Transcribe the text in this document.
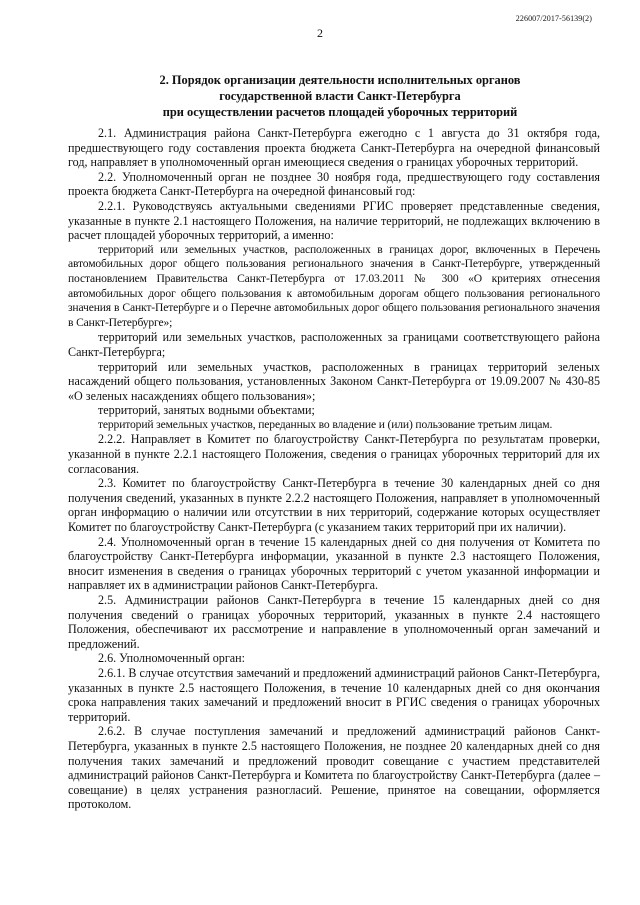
226007/2017-56139(2)
2
2. Порядок организации деятельности исполнительных органов
государственной власти Санкт-Петербурга
при осуществлении расчетов площадей уборочных территорий

2.1. Администрация района Санкт-Петербурга ежегодно с 1 августа до 31 октября года, предшествующего году составления проекта бюджета Санкт-Петербурга на очередной финансовый год, направляет в уполномоченный орган имеющиеся сведения о границах уборочных территорий.

2.2. Уполномоченный орган не позднее 30 ноября года, предшествующего году составления проекта бюджета Санкт-Петербурга на очередной финансовый год:

2.2.1. Руководствуясь актуальными сведениями РГИС проверяет представленные сведения, указанные в пункте 2.1 настоящего Положения, на наличие территорий, не подлежащих включению в расчет площадей уборочных территорий, а именно:

территорий или земельных участков, расположенных в границах дорог, включенных в Перечень автомобильных дорог общего пользования регионального значения в Санкт-Петербурге, утвержденный постановлением Правительства Санкт-Петербурга от 17.03.2011 № 300 «О критериях отнесения автомобильных дорог общего пользования к автомобильным дорогам общего пользования регионального значения в Санкт-Петербурге и о Перечне автомобильных дорог общего пользования регионального значения в Санкт-Петербурге»;

территорий или земельных участков, расположенных за границами соответствующего района Санкт-Петербурга;

территорий или земельных участков, расположенных в границах территорий зеленых насаждений общего пользования, установленных Законом Санкт-Петербурга от 19.09.2007 № 430-85 «О зеленых насаждениях общего пользования»;

территорий, занятых водными объектами;

территорий земельных участков, переданных во владение и (или) пользование третьим лицам.

2.2.2. Направляет в Комитет по благоустройству Санкт-Петербурга по результатам проверки, указанной в пункте 2.2.1 настоящего Положения, сведения о границах уборочных территорий для их согласования.

2.3. Комитет по благоустройству Санкт-Петербурга в течение 30 календарных дней со дня получения сведений, указанных в пункте 2.2.2 настоящего Положения, направляет в уполномоченный орган информацию о наличии или отсутствии в них территорий, содержание которых осуществляет Комитет по благоустройству Санкт-Петербурга (с указанием таких территорий при их наличии).

2.4. Уполномоченный орган в течение 15 календарных дней со дня получения от Комитета по благоустройству Санкт-Петербурга информации, указанной в пункте 2.3 настоящего Положения, вносит изменения в сведения о границах уборочных территорий с учетом указанной информации и направляет их в администрации районов Санкт-Петербурга.

2.5. Администрации районов Санкт-Петербурга в течение 15 календарных дней со дня получения сведений о границах уборочных территорий, указанных в пункте 2.4 настоящего Положения, обеспечивают их рассмотрение и направление в уполномоченный орган замечаний и предложений.

2.6. Уполномоченный орган:

2.6.1. В случае отсутствия замечаний и предложений администраций районов Санкт-Петербурга, указанных в пункте 2.5 настоящего Положения, в течение 10 календарных дней со дня окончания срока направления таких замечаний и предложений вносит в РГИС сведения о границах уборочных территорий.

2.6.2. В случае поступления замечаний и предложений администраций районов Санкт-Петербурга, указанных в пункте 2.5 настоящего Положения, не позднее 20 календарных дней со дня получения таких замечаний и предложений проводит совещание с участием представителей администраций районов Санкт-Петербурга и Комитета по благоустройству Санкт-Петербурга (далее – совещание) в целях устранения разногласий. Решение, принятое на совещании, оформляется протоколом.
